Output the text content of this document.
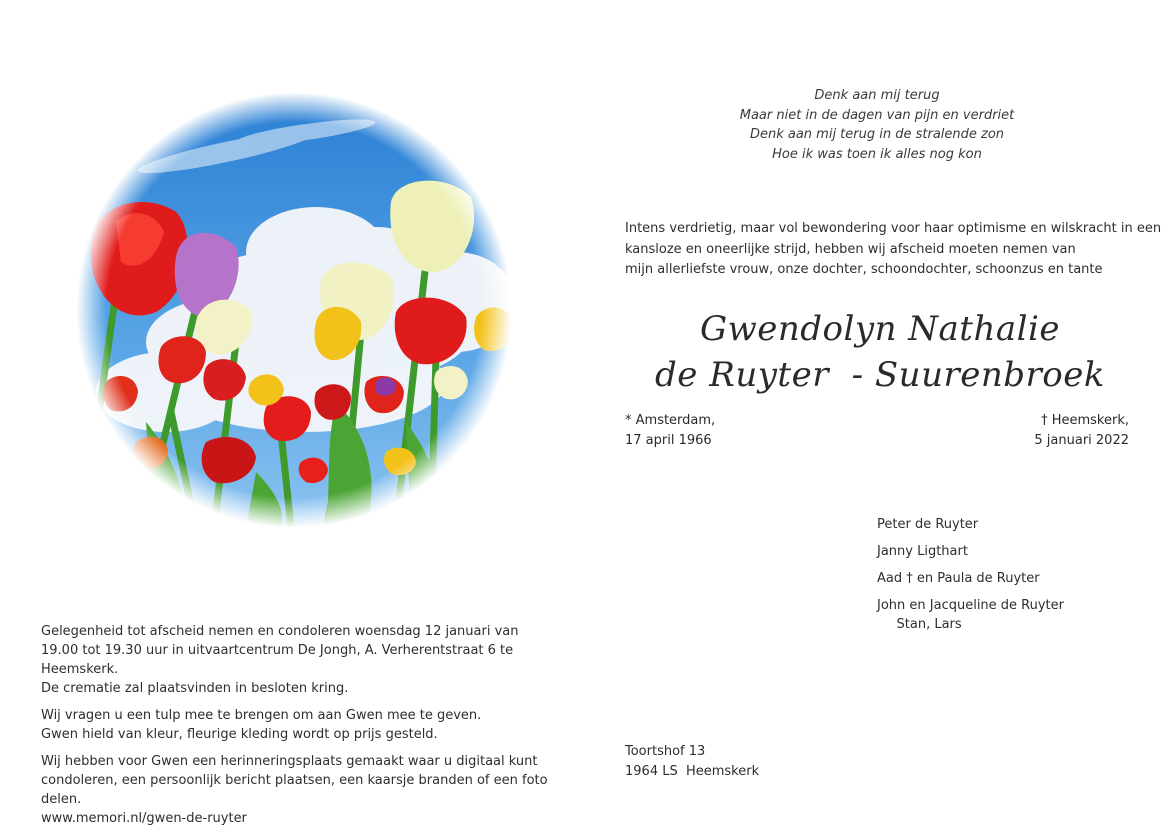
Denk aan mij terug
Maar niet in de dagen van pijn en verdriet
Denk aan mij terug in de stralende zon
Hoe ik was toen ik alles nog kon
Intens verdrietig, maar vol bewondering voor haar optimisme en wilskracht in een
kansloze en oneerlijke strijd, hebben wij afscheid moeten nemen van
mijn allerliefste vrouw, onze dochter, schoondochter, schoonzus en tante
Gwendolyn Nathalie
de Ruyter  - Suurenbroek
* Amsterdam,
17 april 1966
† Heemskerk,
5 januari 2022
Peter de Ruyter
Janny Ligthart
Aad † en Paula de Ruyter
John en Jacqueline de Ruyter
Stan, Lars
Toortshof 13
1964 LS  Heemskerk

Gelegenheid tot afscheid nemen en condoleren woensdag 12 januari van
19.00 tot 19.30 uur in uitvaartcentrum De Jongh, A. Verherentstraat 6 te Heemskerk.
De crematie zal plaatsvinden in besloten kring.

Wij vragen u een tulp mee te brengen om aan Gwen mee te geven.
Gwen hield van kleur, fleurige kleding wordt op prijs gesteld.

Wij hebben voor Gwen een herinneringsplaats gemaakt waar u digitaal kunt
condoleren, een persoonlijk bericht plaatsen, een kaarsje branden of een foto delen.
www.memori.nl/gwen-de-ruyter
